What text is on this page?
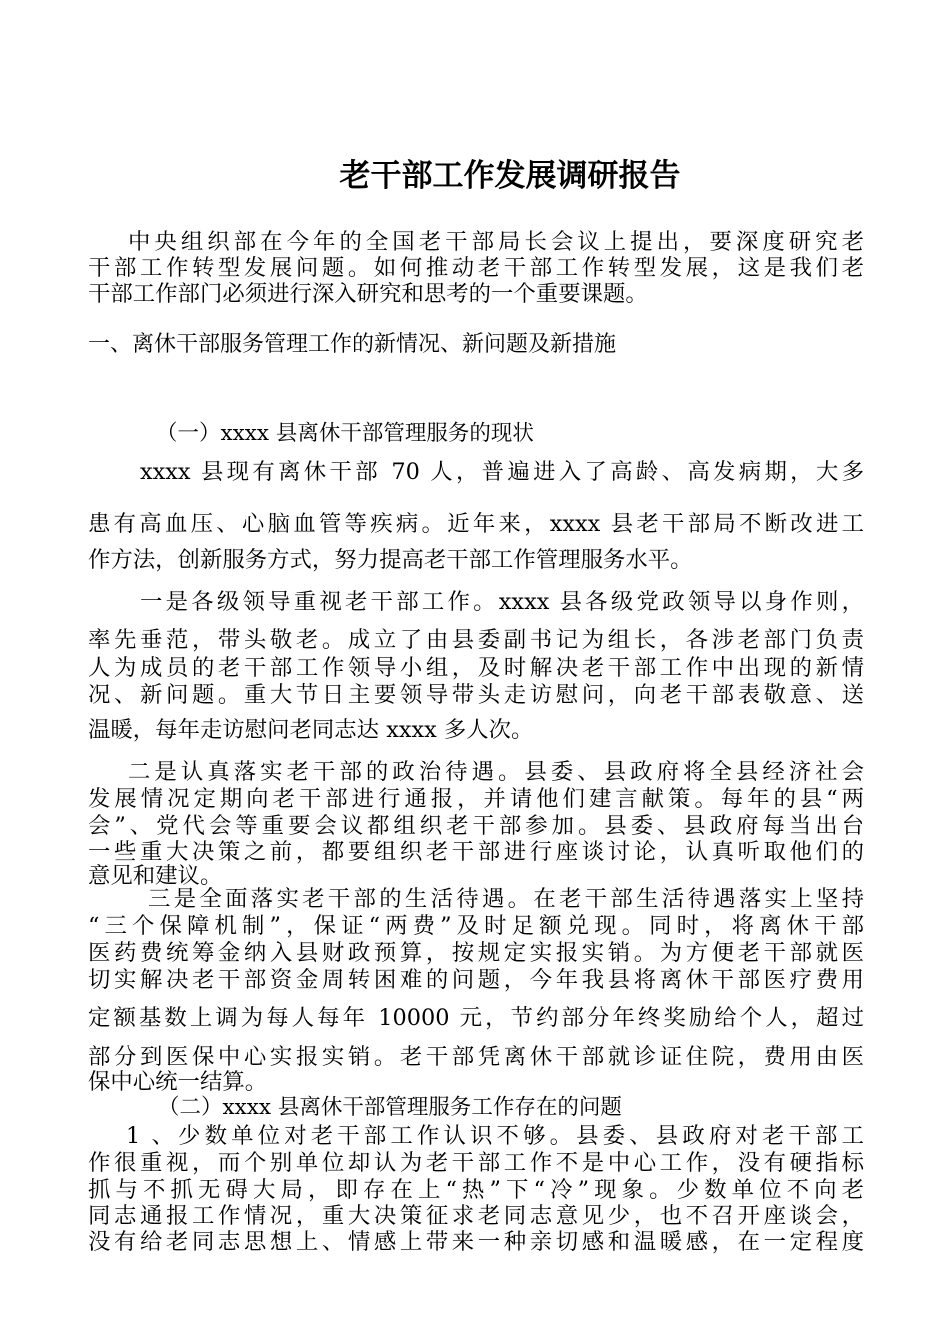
老干部工作发展调研报告
中央组织部在今年的全国老干部局长会议上提出，要深度研究老
干部工作转型发展问题。如何推动老干部工作转型发展，这是我们老
干部工作部门必须进行深入研究和思考的一个重要课题。
一、离休干部服务管理工作的新情况、新问题及新措施
（一）xxxx 县离休干部管理服务的现状
xxxx 县现有离休干部 70 人，普遍进入了高龄、高发病期，大多
患有高血压、心脑血管等疾病。近年来，xxxx 县老干部局不断改进工
作方法，创新服务方式，努力提高老干部工作管理服务水平。
一是各级领导重视老干部工作。xxxx 县各级党政领导以身作则，
率先垂范，带头敬老。成立了由县委副书记为组长，各涉老部门负责
人为成员的老干部工作领导小组，及时解决老干部工作中出现的新情
况、新问题。重大节日主要领导带头走访慰问，向老干部表敬意、送
温暖，每年走访慰问老同志达 xxxx 多人次。
二是认真落实老干部的政治待遇。县委、县政府将全县经济社会
发展情况定期向老干部进行通报，并请他们建言献策。每年的县“两
会”、党代会等重要会议都组织老干部参加。县委、县政府每当出台
一些重大决策之前，都要组织老干部进行座谈讨论，认真听取他们的
意见和建议。
三是全面落实老干部的生活待遇。在老干部生活待遇落实上坚持
“三个保障机制”，保证“两费”及时足额兑现。同时，将离休干部
医药费统筹金纳入县财政预算，按规定实报实销。为方便老干部就医
切实解决老干部资金周转困难的问题，今年我县将离休干部医疗费用
定额基数上调为每人每年 10000 元，节约部分年终奖励给个人，超过
部分到医保中心实报实销。老干部凭离休干部就诊证住院，费用由医
保中心统一结算。
（二）xxxx 县离休干部管理服务工作存在的问题
1 、少数单位对老干部工作认识不够。县委、县政府对老干部工
作很重视，而个别单位却认为老干部工作不是中心工作，没有硬指标
抓与不抓无碍大局，即存在上“热”下“冷”现象。少数单位不向老
同志通报工作情况，重大决策征求老同志意见少，也不召开座谈会，
没有给老同志思想上、情感上带来一种亲切感和温暖感，在一定程度
